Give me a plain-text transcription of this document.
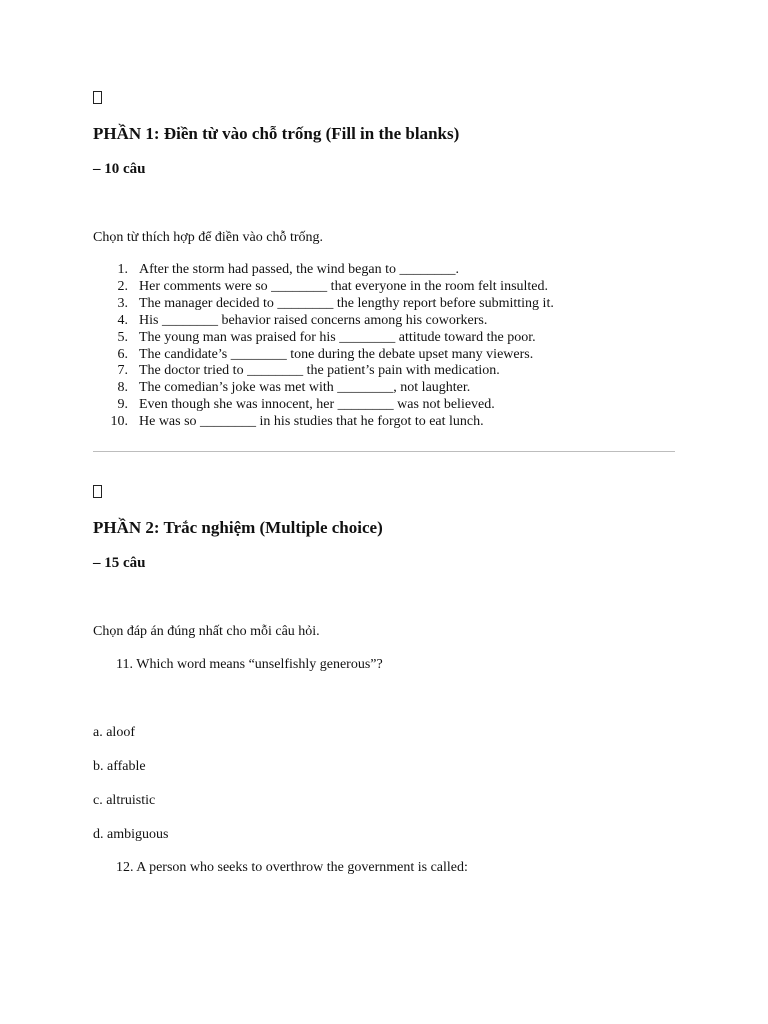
PHẦN 1: Điền từ vào chỗ trống (Fill in the blanks)
– 10 câu

Chọn từ thích hợp để điền vào chỗ trống.

1. After the storm had passed, the wind began to ________.
2. Her comments were so ________ that everyone in the room felt insulted.
3. The manager decided to ________ the lengthy report before submitting it.
4. His ________ behavior raised concerns among his coworkers.
5. The young man was praised for his ________ attitude toward the poor.
6. The candidate’s ________ tone during the debate upset many viewers.
7. The doctor tried to ________ the patient’s pain with medication.
8. The comedian’s joke was met with ________, not laughter.
9. Even though she was innocent, her ________ was not believed.
10. He was so ________ in his studies that he forgot to eat lunch.
PHẦN 2: Trắc nghiệm (Multiple choice)
– 15 câu

Chọn đáp án đúng nhất cho mỗi câu hỏi.

11. Which word means “unselfishly generous”?

a. aloof

b. affable

c. altruistic

d. ambiguous

12. A person who seeks to overthrow the government is called:
